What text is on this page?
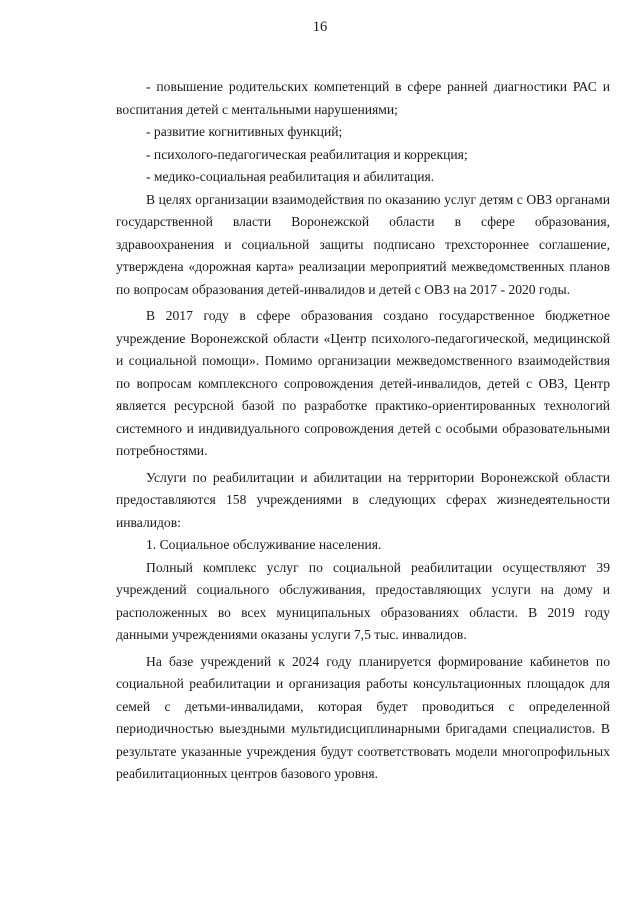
16

- повышение родительских компетенций в сфере ранней диагностики РАС и воспитания детей с ментальными нарушениями;

- развитие когнитивных функций;

- психолого-педагогическая реабилитация и коррекция;

- медико-социальная реабилитация и абилитация.

В целях организации взаимодействия по оказанию услуг детям с ОВЗ органами государственной власти Воронежской области в сфере образования, здравоохранения и социальной защиты подписано трехстороннее соглашение, утверждена «дорожная карта» реализации мероприятий межведомственных планов по вопросам образования детей-инвалидов и детей с ОВЗ на 2017 - 2020 годы.

В 2017 году в сфере образования создано государственное бюджетное учреждение Воронежской области «Центр психолого-педагогической, медицинской и социальной помощи». Помимо организации межведомственного взаимодействия по вопросам комплексного сопровождения детей-инвалидов, детей с ОВЗ, Центр является ресурсной базой по разработке практико-ориентированных технологий системного и индивидуального сопровождения детей с особыми образовательными потребностями.

Услуги по реабилитации и абилитации на территории Воронежской области предоставляются 158 учреждениями в следующих сферах жизнедеятельности инвалидов:

1. Социальное обслуживание населения.

Полный комплекс услуг по социальной реабилитации осуществляют 39 учреждений социального обслуживания, предоставляющих услуги на дому и расположенных во всех муниципальных образованиях области. В 2019 году данными учреждениями оказаны услуги 7,5 тыс. инвалидов.

На базе учреждений к 2024 году планируется формирование кабинетов по социальной реабилитации и организация работы консультационных площадок для семей с детьми-инвалидами, которая будет проводиться с определенной периодичностью выездными мультидисциплинарными бригадами специалистов. В результате указанные учреждения будут соответствовать модели многопрофильных реабилитационных центров базового уровня.
